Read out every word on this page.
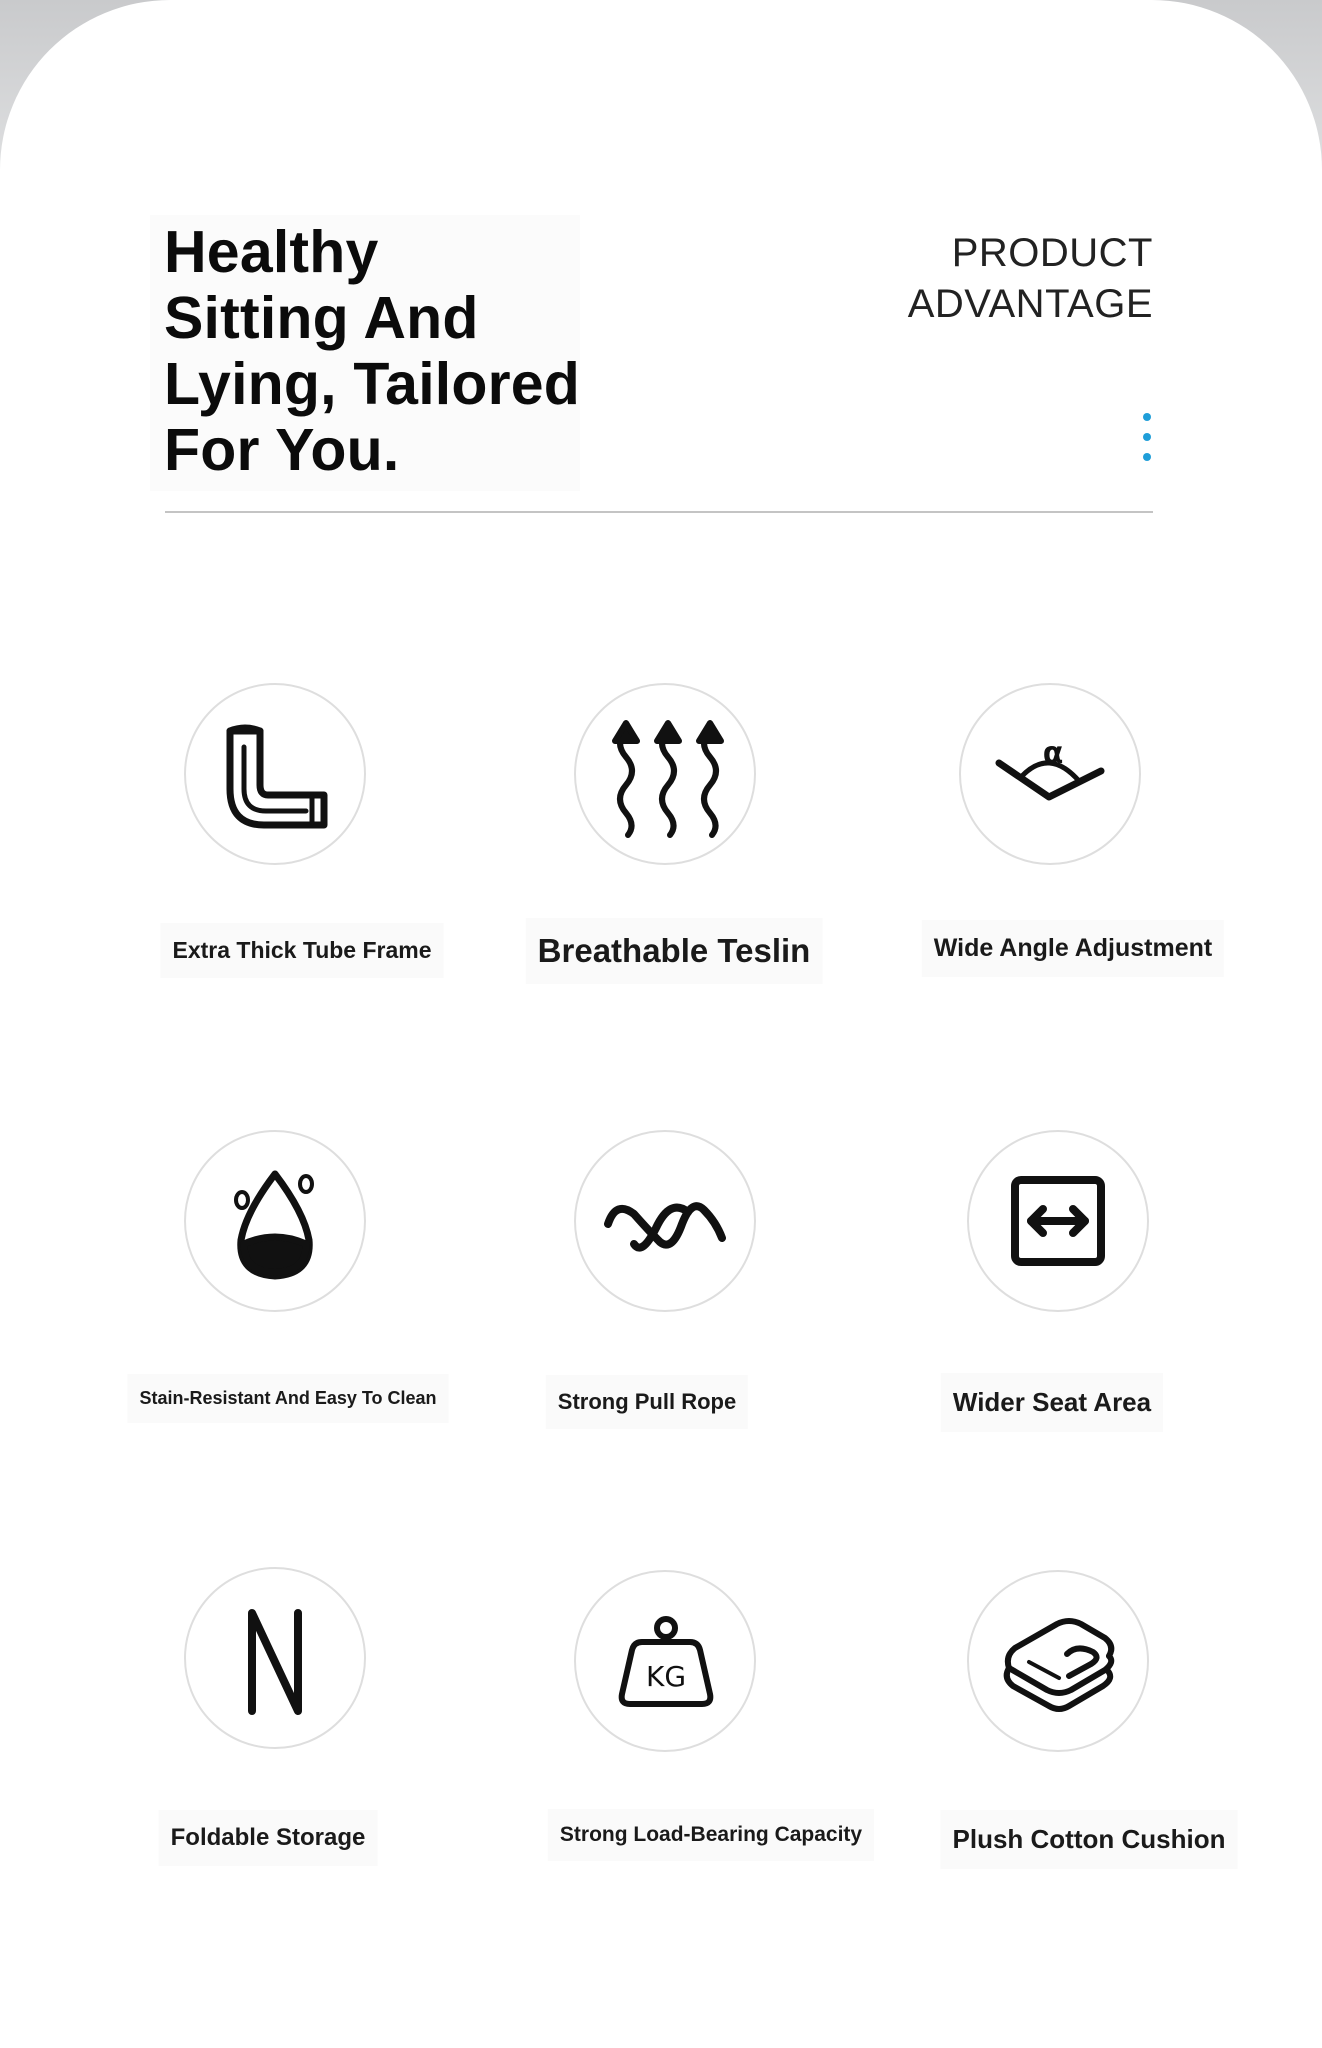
Healthy
Sitting And
Lying, Tailored
For You.
PRODUCT
ADVANTAGE
Extra Thick Tube Frame	Breathable Teslin
α
Wide Angle Adjustment
Stain-Resistant And Easy To Clean	Strong Pull Rope	Wider Seat Area
Foldable Storage
KG
Strong Load-Bearing Capacity	Plush Cotton Cushion
